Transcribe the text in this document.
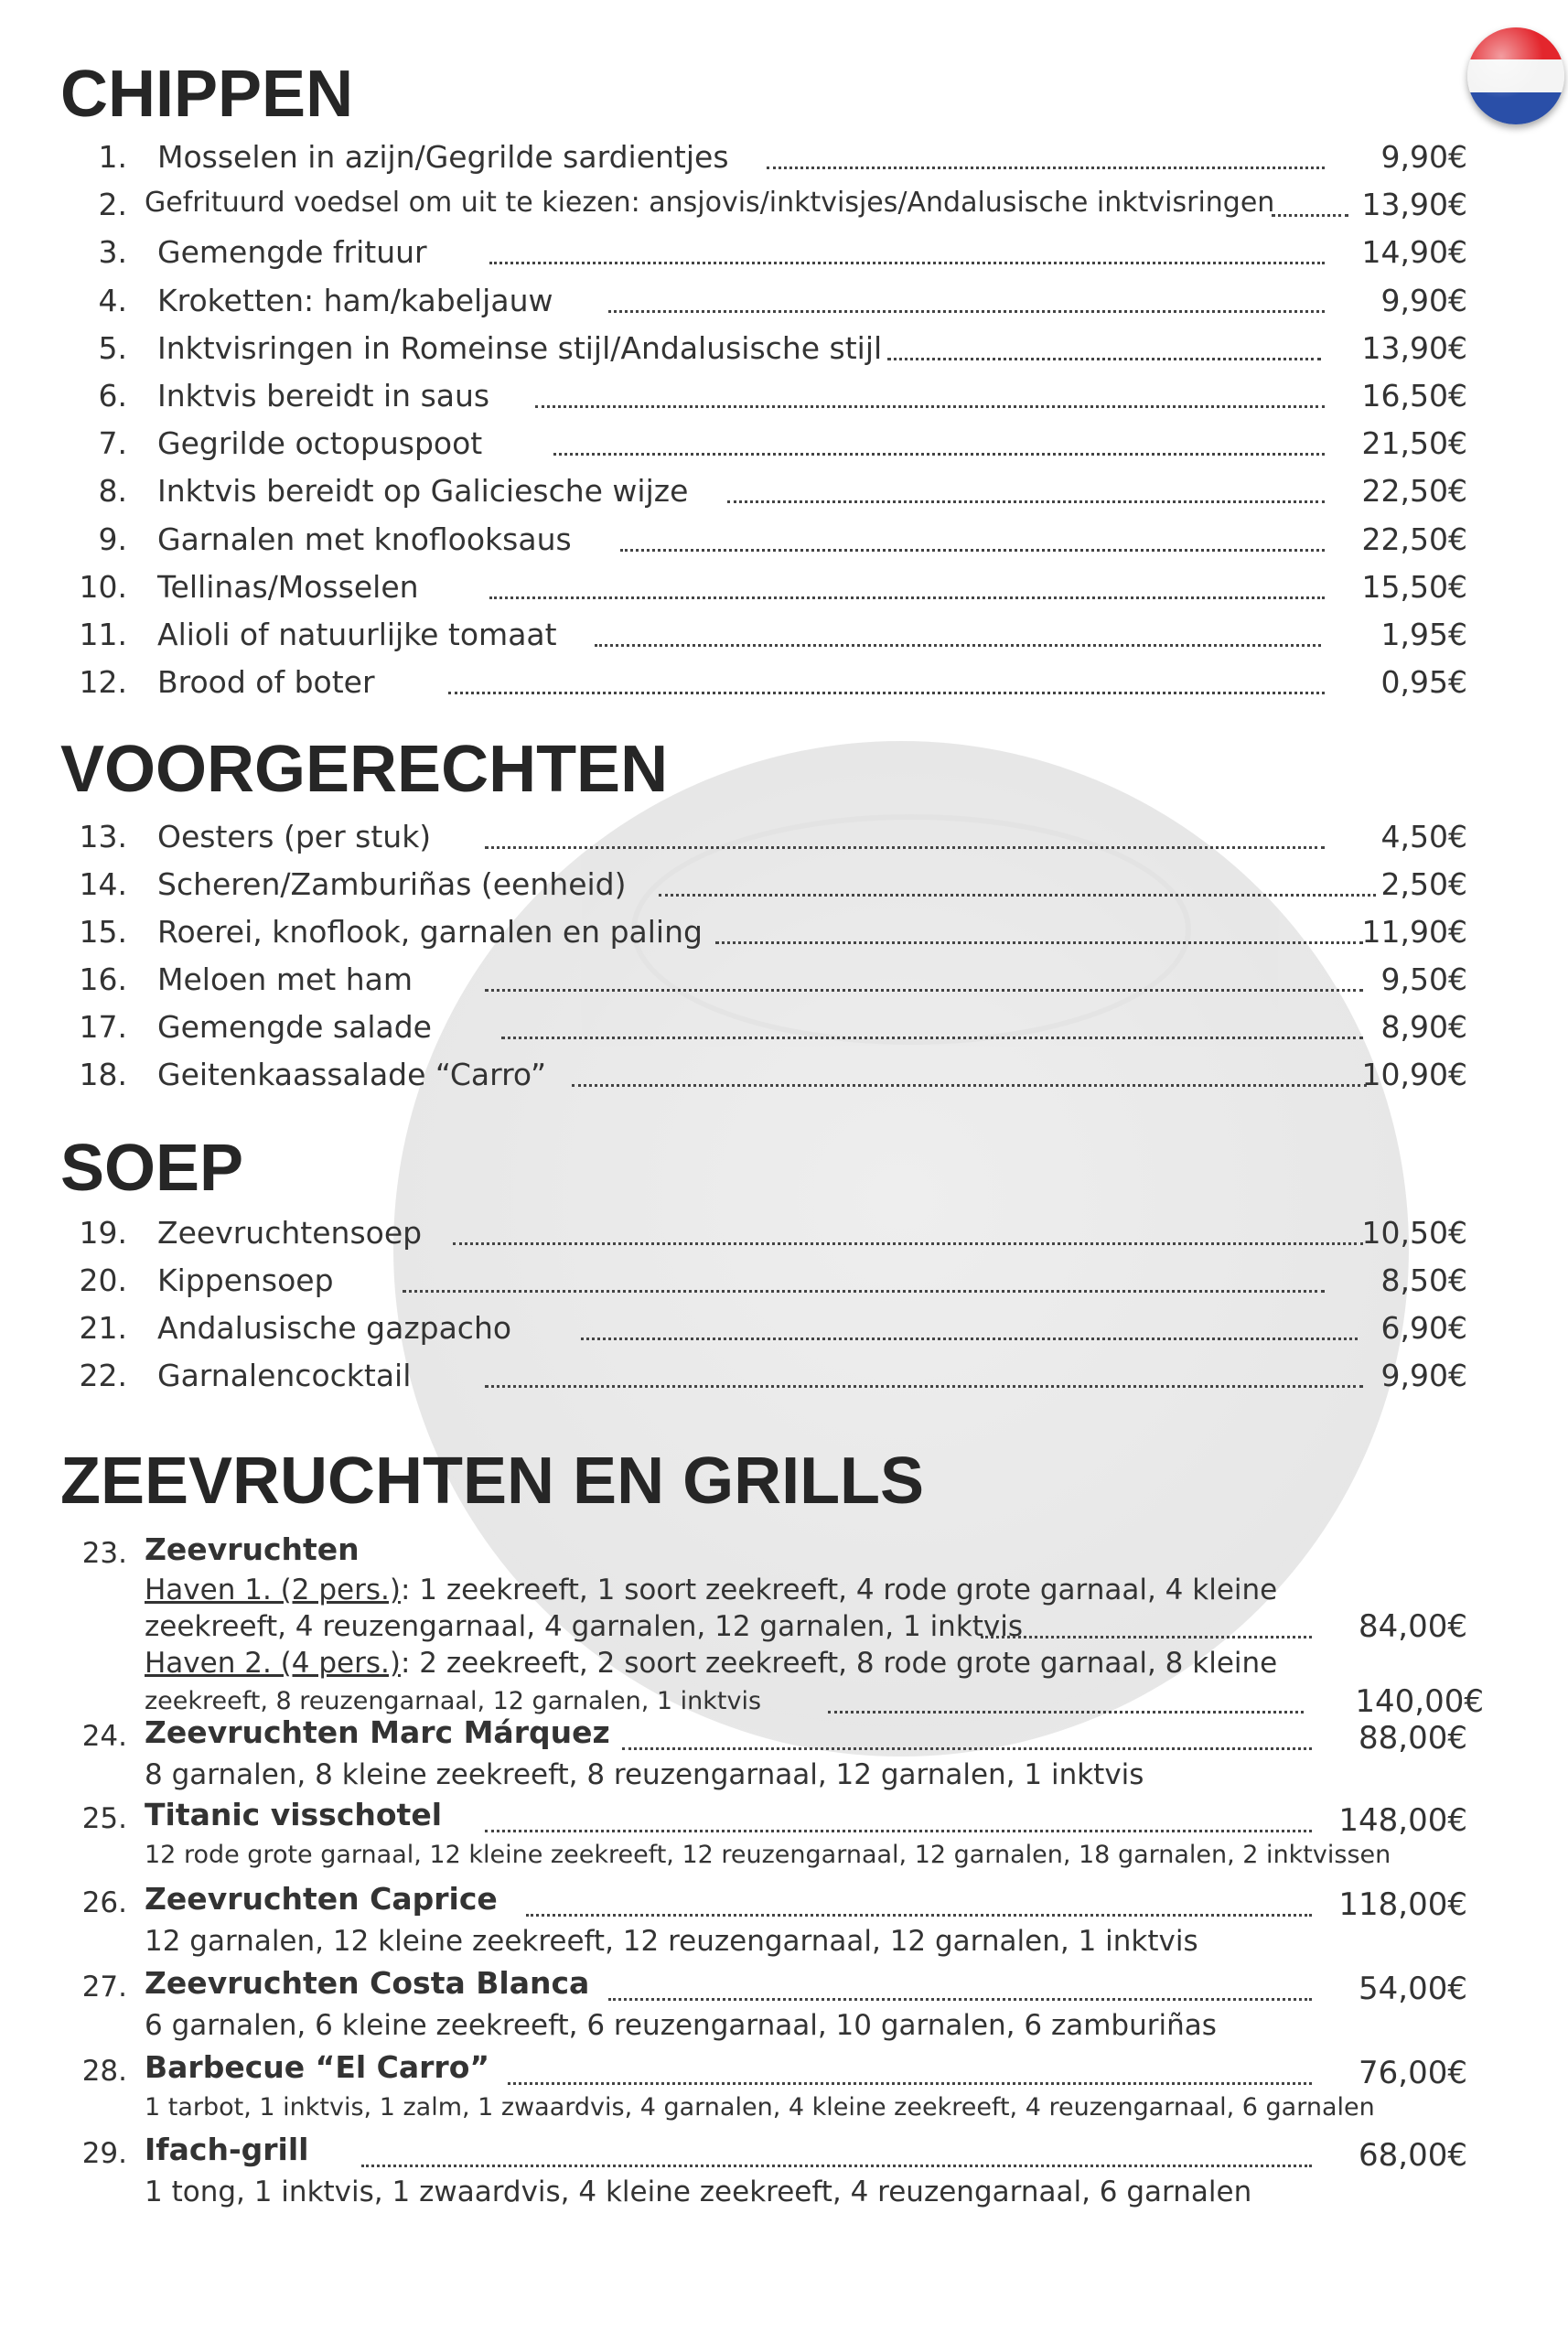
CHIPPEN
1. Mosselen in azijn/Gegrilde sardientjes	9,90€
2. Gefrituurd voedsel om uit te kiezen: ansjovis/inktvisjes/Andalusische inktvisringen	13,90€
3. Gemengde frituur	14,90€
4. Kroketten: ham/kabeljauw	9,90€
5. Inktvisringen in Romeinse stijl/Andalusische stijl	13,90€
6. Inktvis bereidt in saus	16,50€
7. Gegrilde octopuspoot	21,50€
8. Inktvis bereidt op Galiciesche wijze	22,50€
9. Garnalen met knoflooksaus	22,50€
10. Tellinas/Mosselen	15,50€
11. Alioli of natuurlijke tomaat	1,95€
12. Brood of boter	0,95€
VOORGERECHTEN
13. Oesters (per stuk)	4,50€
14. Scheren/Zamburiñas (eenheid)	2,50€
15. Roerei, knoflook, garnalen en paling	11,90€
16. Meloen met ham	9,50€
17. Gemengde salade	8,90€
18. Geitenkaassalade “Carro”	10,90€
SOEP
19. Zeevruchtensoep	10,50€
20. Kippensoep	8,50€
21. Andalusische gazpacho	6,90€
22. Garnalencocktail	9,90€
ZEEVRUCHTEN EN GRILLS
23. Zeevruchten
Haven 1. (2 pers.): 1 zeekreeft, 1 soort zeekreeft, 4 rode grote garnaal, 4 kleine
zeekreeft, 4 reuzengarnaal, 4 garnalen, 12 garnalen, 1 inktvis	84,00€
Haven 2. (4 pers.): 2 zeekreeft, 2 soort zeekreeft, 8 rode grote garnaal, 8 kleine
zeekreeft, 8 reuzengarnaal, 12 garnalen, 1 inktvis	140,00€
24. Zeevruchten Marc Márquez	88,00€
8 garnalen, 8 kleine zeekreeft, 8 reuzengarnaal, 12 garnalen, 1 inktvis
25. Titanic visschotel	148,00€
12 rode grote garnaal, 12 kleine zeekreeft, 12 reuzengarnaal, 12 garnalen, 18 garnalen, 2 inktvissen
26. Zeevruchten Caprice	118,00€
12 garnalen, 12 kleine zeekreeft, 12 reuzengarnaal, 12 garnalen, 1 inktvis
27. Zeevruchten Costa Blanca	54,00€
6 garnalen, 6 kleine zeekreeft, 6 reuzengarnaal, 10 garnalen, 6 zamburiñas
28. Barbecue “El Carro”	76,00€
1 tarbot, 1 inktvis, 1 zalm, 1 zwaardvis, 4 garnalen, 4 kleine zeekreeft, 4 reuzengarnaal, 6 garnalen
29. Ifach-grill	68,00€
1 tong, 1 inktvis, 1 zwaardvis, 4 kleine zeekreeft, 4 reuzengarnaal, 6 garnalen
